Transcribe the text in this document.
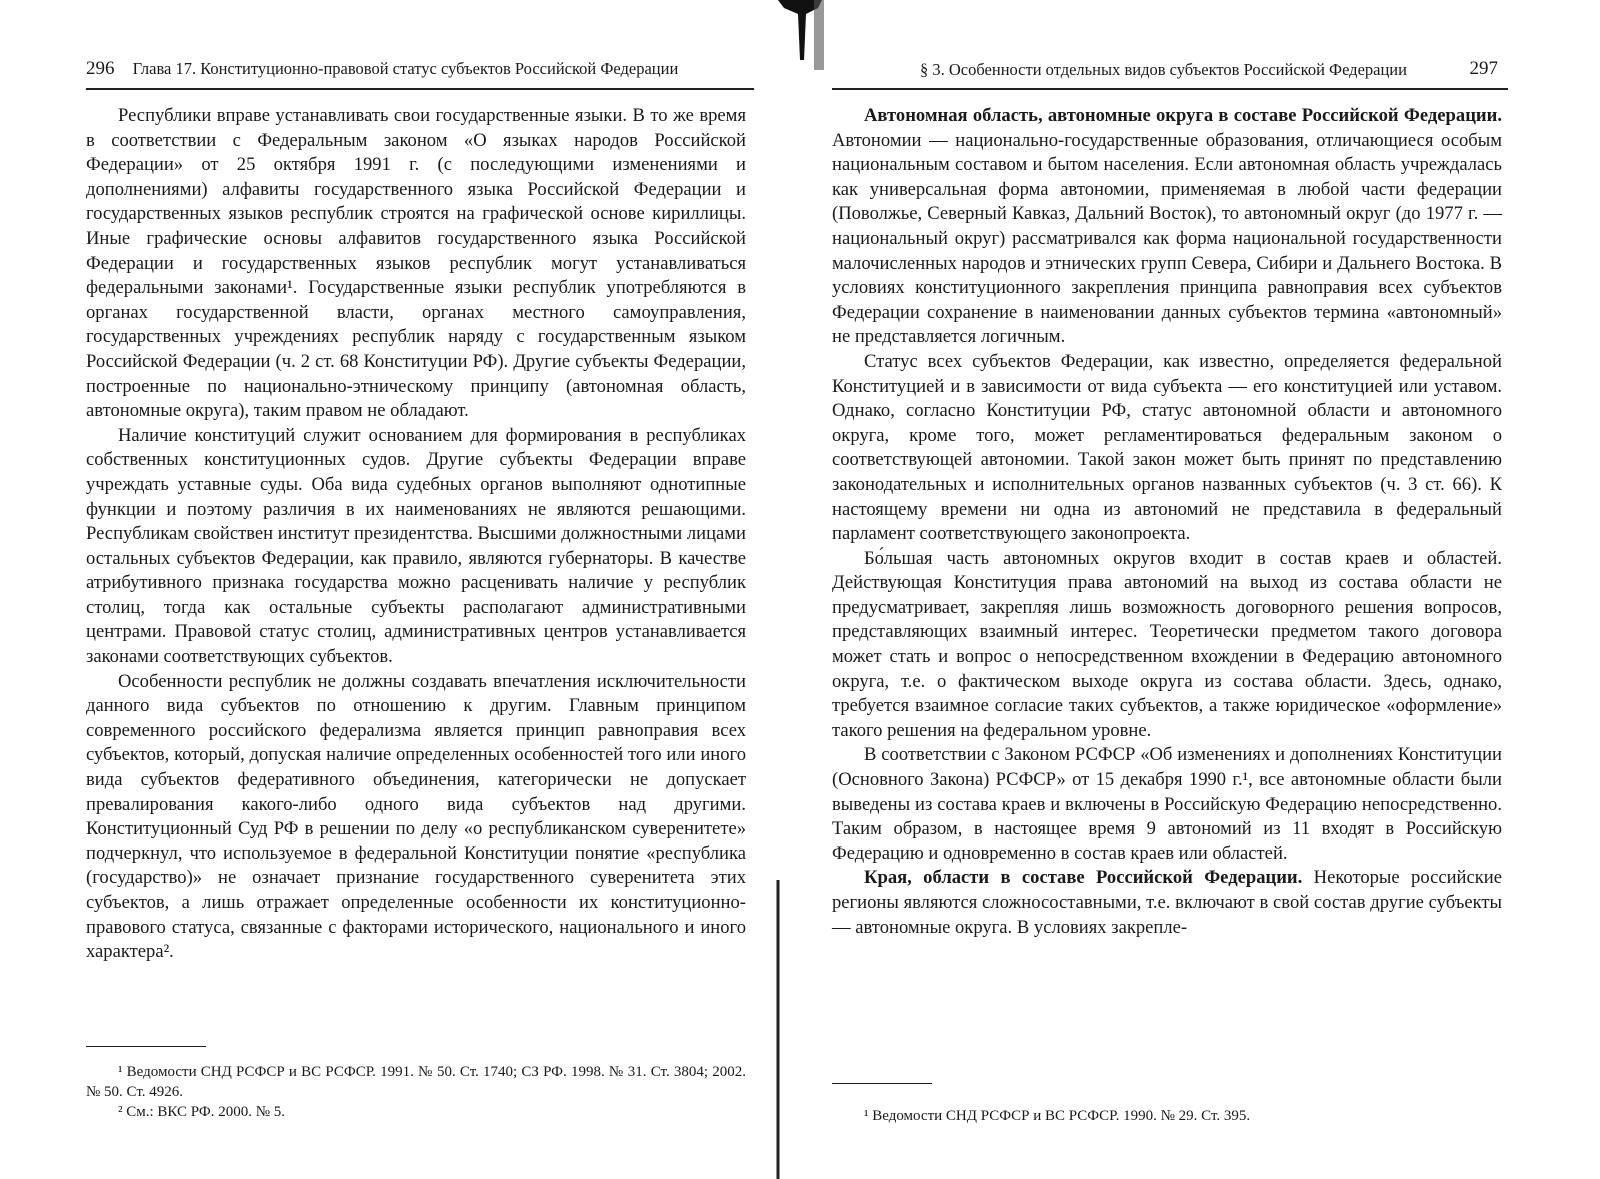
296 Глава 17. Конституционно-правовой статус субъектов Российской Федерации

Республики вправе устанавливать свои государственные языки. В то же время в соответствии с Федеральным законом «О языках народов Российской Федерации» от 25 октября 1991 г. (с последующими изменениями и дополнениями) алфавиты государственного языка Российской Федерации и государственных языков республик строятся на графической основе кириллицы. Иные графические основы алфавитов государственного языка Российской Федерации и государственных языков республик могут устанавливаться федеральными законами¹. Государственные языки республик употребляются в органах государственной власти, органах местного самоуправления, государственных учреждениях республик наряду с государственным языком Российской Федерации (ч. 2 ст. 68 Конституции РФ). Другие субъекты Федерации, построенные по национально-этническому принципу (автономная область, автономные округа), таким правом не обладают.

Наличие конституций служит основанием для формирования в республиках собственных конституционных судов. Другие субъекты Федерации вправе учреждать уставные суды. Оба вида судебных органов выполняют однотипные функции и поэтому различия в их наименованиях не являются решающими. Республикам свойствен институт президентства. Высшими должностными лицами остальных субъектов Федерации, как правило, являются губернаторы. В качестве атрибутивного признака государства можно расценивать наличие у республик столиц, тогда как остальные субъекты располагают административными центрами. Правовой статус столиц, административных центров устанавливается законами соответствующих субъектов.

Особенности республик не должны создавать впечатления исключительности данного вида субъектов по отношению к другим. Главным принципом современного российского федерализма является принцип равноправия всех субъектов, который, допуская наличие определенных особенностей того или иного вида субъектов федеративного объединения, категорически не допускает превалирования какого-либо одного вида субъектов над другими. Конституционный Суд РФ в решении по делу «о республиканском суверенитете» подчеркнул, что используемое в федеральной Конституции понятие «республика (государство)» не означает признание государственного суверенитета этих субъектов, а лишь отражает определенные особенности их конституционно-правового статуса, связанные с факторами исторического, национального и иного характера².

¹ Ведомости СНД РСФСР и ВС РСФСР. 1991. № 50. Ст. 1740; СЗ РФ. 1998. № 31. Ст. 3804; 2002. № 50. Ст. 4926.

² См.: ВКС РФ. 2000. № 5.

§ 3. Особенности отдельных видов субъектов Российской Федерации	297

Автономная область, автономные округа в составе Российской Федерации. Автономии — национально-государственные образования, отличающиеся особым национальным составом и бытом населения. Если автономная область учреждалась как универсальная форма автономии, применяемая в любой части федерации (Поволжье, Северный Кавказ, Дальний Восток), то автономный округ (до 1977 г. — национальный округ) рассматривался как форма национальной государственности малочисленных народов и этнических групп Севера, Сибири и Дальнего Востока. В условиях конституционного закрепления принципа равноправия всех субъектов Федерации сохранение в наименовании данных субъектов термина «автономный» не представляется логичным.

Статус всех субъектов Федерации, как известно, определяется федеральной Конституцией и в зависимости от вида субъекта — его конституцией или уставом. Однако, согласно Конституции РФ, статус автономной области и автономного округа, кроме того, может регламентироваться федеральным законом о соответствующей автономии. Такой закон может быть принят по представлению законодательных и исполнительных органов названных субъектов (ч. 3 ст. 66). К настоящему времени ни одна из автономий не представила в федеральный парламент соответствующего законопроекта.

Бо́льшая часть автономных округов входит в состав краев и областей. Действующая Конституция права автономий на выход из состава области не предусматривает, закрепляя лишь возможность договорного решения вопросов, представляющих взаимный интерес. Теоретически предметом такого договора может стать и вопрос о непосредственном вхождении в Федерацию автономного округа, т.е. о фактическом выходе округа из состава области. Здесь, однако, требуется взаимное согласие таких субъектов, а также юридическое «оформление» такого решения на федеральном уровне.

В соответствии с Законом РСФСР «Об изменениях и дополнениях Конституции (Основного Закона) РСФСР» от 15 декабря 1990 г.¹, все автономные области были выведены из состава краев и включены в Российскую Федерацию непосредственно. Таким образом, в настоящее время 9 автономий из 11 входят в Российскую Федерацию и одновременно в состав краев или областей.

Края, области в составе Российской Федерации. Некоторые российские регионы являются сложносоставными, т.е. включают в свой состав другие субъекты — автономные округа. В условиях закрепле-

¹ Ведомости СНД РСФСР и ВС РСФСР. 1990. № 29. Ст. 395.
